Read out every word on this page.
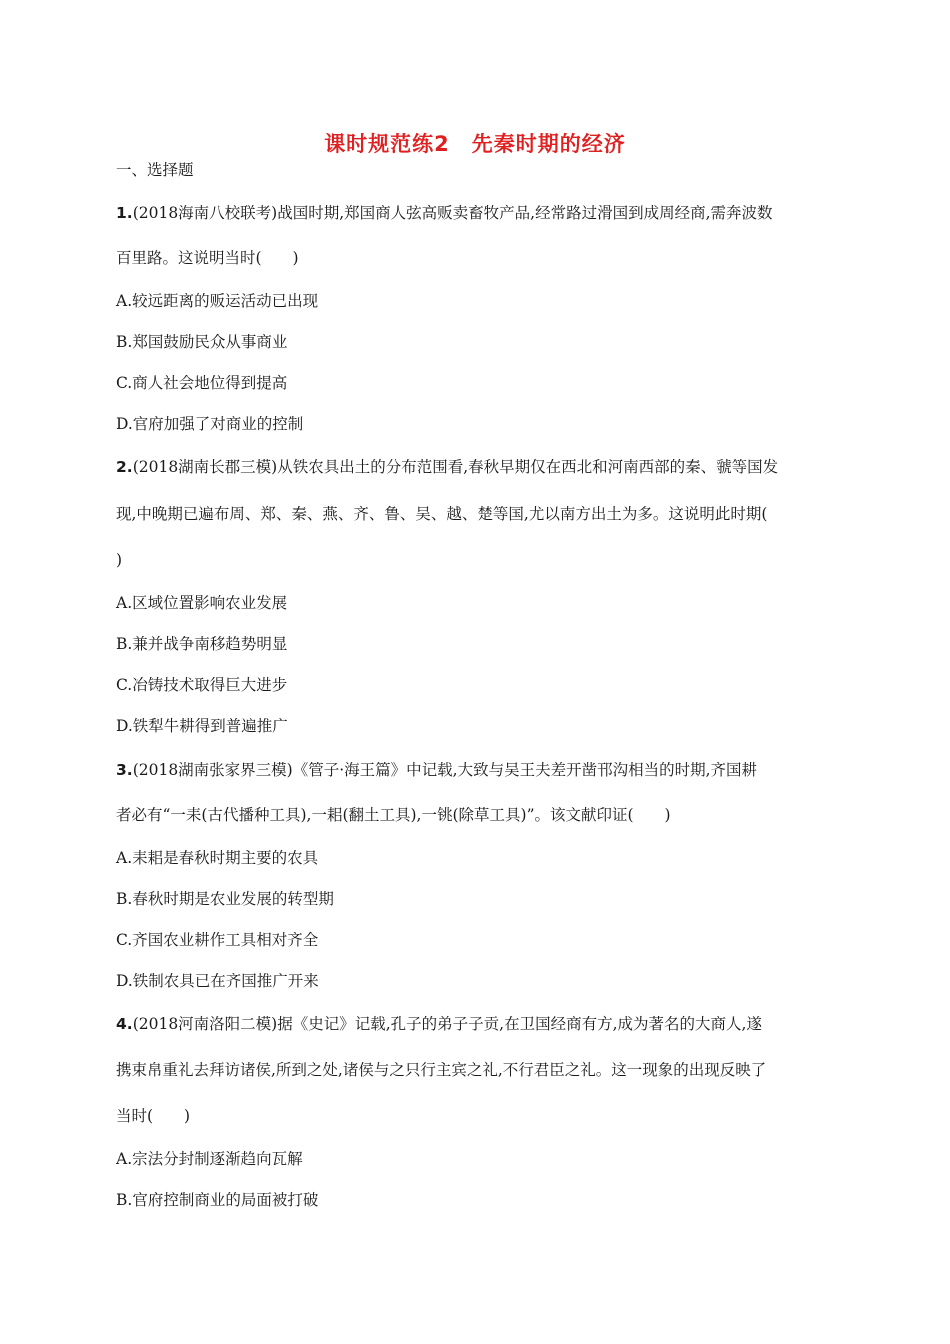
课时规范练2　先秦时期的经济
一、选择题
1.(2018海南八校联考)战国时期,郑国商人弦高贩卖畜牧产品,经常路过滑国到成周经商,需奔波数
百里路。这说明当时(　　)
A.较远距离的贩运活动已出现
B.郑国鼓励民众从事商业
C.商人社会地位得到提高
D.官府加强了对商业的控制
2.(2018湖南长郡三模)从铁农具出土的分布范围看,春秋早期仅在西北和河南西部的秦、虢等国发
现,中晚期已遍布周、郑、秦、燕、齐、鲁、吴、越、楚等国,尤以南方出土为多。这说明此时期(
)
A.区域位置影响农业发展
B.兼并战争南移趋势明显
C.冶铸技术取得巨大进步
D.铁犁牛耕得到普遍推广
3.(2018湖南张家界三模)《管子·海王篇》中记载,大致与吴王夫差开凿邗沟相当的时期,齐国耕
者必有“一耒(古代播种工具),一耜(翻土工具),一铫(除草工具)”。该文献印证(　　)
A.耒耜是春秋时期主要的农具
B.春秋时期是农业发展的转型期
C.齐国农业耕作工具相对齐全
D.铁制农具已在齐国推广开来
4.(2018河南洛阳二模)据《史记》记载,孔子的弟子子贡,在卫国经商有方,成为著名的大商人,遂
携束帛重礼去拜访诸侯,所到之处,诸侯与之只行主宾之礼,不行君臣之礼。这一现象的出现反映了
当时(　　)
A.宗法分封制逐渐趋向瓦解
B.官府控制商业的局面被打破
